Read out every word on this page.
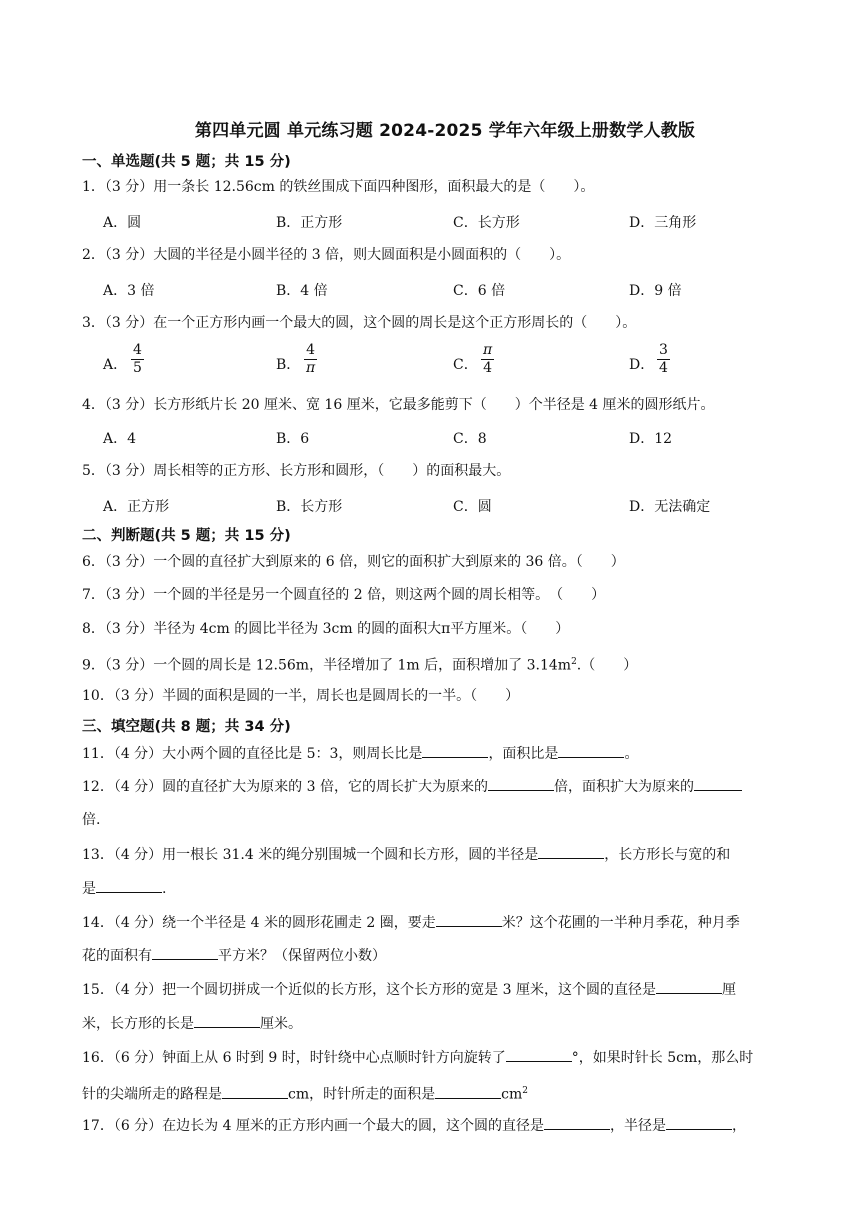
第四单元圆 单元练习题 2024-2025 学年六年级上册数学人教版
一、单选题(共 5 题；共 15 分)
1．（3 分）用一条长 12.56cm 的铁丝围成下面四种图形，面积最大的是（　　）。
A．圆	B．正方形	C．长方形	D．三角形
2．（3 分）大圆的半径是小圆半径的 3 倍，则大圆面积是小圆面积的（　　）。
A．3 倍	B．4 倍	C．6 倍	D．9 倍
3．（3 分）在一个正方形内画一个最大的圆，这个圆的周长是这个正方形周长的（　　）。
A． $\frac{4}{5}$	B． $\frac{4}{\pi}$	C． $\frac{\pi}{4}$	D． $\frac{3}{4}$
4．（3 分）长方形纸片长 20 厘米、宽 16 厘米，它最多能剪下（　　）个半径是 4 厘米的圆形纸片。
A．4	B．6	C．8	D．12
5．（3 分）周长相等的正方形、长方形和圆形，（　　）的面积最大。
A．正方形	B．长方形	C．圆	D．无法确定
二、判断题(共 5 题；共 15 分)
6．（3 分）一个圆的直径扩大到原来的 6 倍，则它的面积扩大到原来的 36 倍。（　　）
7．（3 分）一个圆的半径是另一个圆直径的 2 倍，则这两个圆的周长相等。　（　　）
8．（3 分）半径为 4cm 的圆比半径为 3cm 的圆的面积大π平方厘米。（　　）
9．（3 分）一个圆的周长是 12.56m，半径增加了 1m 后，面积增加了 $3.14m^2$.（　　）
10．（3 分）半圆的面积是圆的一半，周长也是圆周长的一半。（　　）
三、填空题(共 8 题；共 34 分)
11．（4 分）大小两个圆的直径比是 5：3，则周长比是	，面积比是	。
12．（4 分）圆的直径扩大为原来的 3 倍，它的周长扩大为原来的	倍，面积扩大为原来的
倍.
13．（4 分）用一根长 31.4 米的绳分别围城一个圆和长方形，圆的半径是	，长方形长与宽的和
是	.
14．（4 分）绕一个半径是 4 米的圆形花圃走 2 圈，要走	米？这个花圃的一半种月季花，种月季
花的面积有	平方米？（保留两位小数）
15．（4 分）把一个圆切拼成一个近似的长方形，这个长方形的宽是 3 厘米，这个圆的直径是	厘
米，长方形的长是	厘米。
16．（6 分）钟面上从 6 时到 9 时，时针绕中心点顺时针方向旋转了	°，如果时针长 5cm，那么时
针的尖端所走的路程是	cm，时针所走的面积是	$cm^2$
17．（6 分）在边长为 4 厘米的正方形内画一个最大的圆，这个圆的直径是	，半径是	，
